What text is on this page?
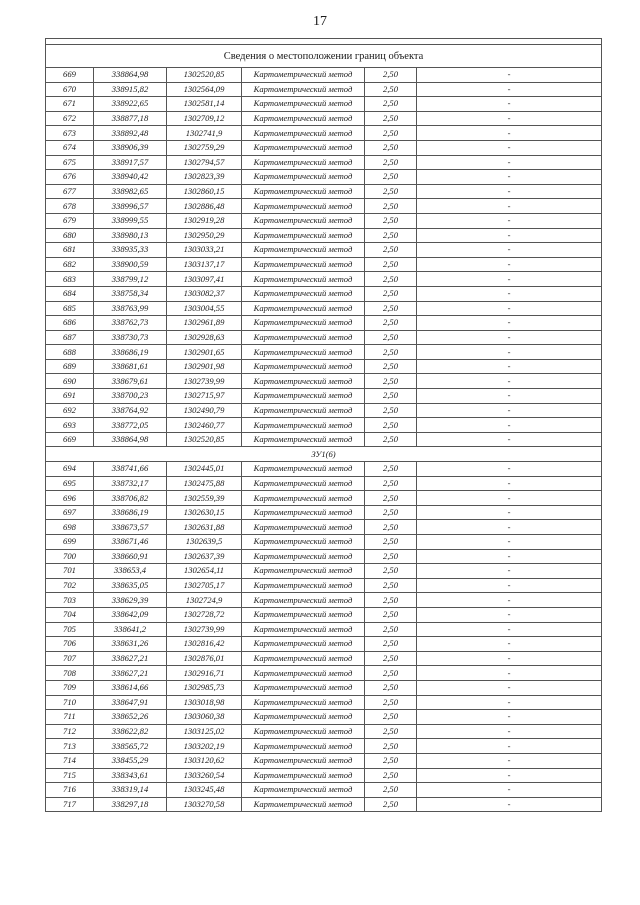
17

Сведения о местоположении границ объекта					
669	338864,98	1302520,85	Картометрический метод	2,50	-
670	338915,82	1302564,09	Картометрический метод	2,50	-
671	338922,65	1302581,14	Картометрический метод	2,50	-
672	338877,18	1302709,12	Картометрический метод	2,50	-
673	338892,48	1302741,9	Картометрический метод	2,50	-
674	338906,39	1302759,29	Картометрический метод	2,50	-
675	338917,57	1302794,57	Картометрический метод	2,50	-
676	338940,42	1302823,39	Картометрический метод	2,50	-
677	338982,65	1302860,15	Картометрический метод	2,50	-
678	338996,57	1302886,48	Картометрический метод	2,50	-
679	338999,55	1302919,28	Картометрический метод	2,50	-
680	338980,13	1302950,29	Картометрический метод	2,50	-
681	338935,33	1303033,21	Картометрический метод	2,50	-
682	338900,59	1303137,17	Картометрический метод	2,50	-
683	338799,12	1303097,41	Картометрический метод	2,50	-
684	338758,34	1303082,37	Картометрический метод	2,50	-
685	338763,99	1303004,55	Картометрический метод	2,50	-
686	338762,73	1302961,89	Картометрический метод	2,50	-
687	338730,73	1302928,63	Картометрический метод	2,50	-
688	338686,19	1302901,65	Картометрический метод	2,50	-
689	338681,61	1302901,98	Картометрический метод	2,50	-
690	338679,61	1302739,99	Картометрический метод	2,50	-
691	338700,23	1302715,97	Картометрический метод	2,50	-
692	338764,92	1302490,79	Картометрический метод	2,50	-
693	338772,05	1302460,77	Картометрический метод	2,50	-
669	338864,98	1302520,85	Картометрический метод	2,50	-
ЗУ1(6)					
694	338741,66	1302445,01	Картометрический метод	2,50	-
695	338732,17	1302475,88	Картометрический метод	2,50	-
696	338706,82	1302559,39	Картометрический метод	2,50	-
697	338686,19	1302630,15	Картометрический метод	2,50	-
698	338673,57	1302631,88	Картометрический метод	2,50	-
699	338671,46	1302639,5	Картометрический метод	2,50	-
700	338660,91	1302637,39	Картометрический метод	2,50	-
701	338653,4	1302654,11	Картометрический метод	2,50	-
702	338635,05	1302705,17	Картометрический метод	2,50	-
703	338629,39	1302724,9	Картометрический метод	2,50	-
704	338642,09	1302728,72	Картометрический метод	2,50	-
705	338641,2	1302739,99	Картометрический метод	2,50	-
706	338631,26	1302816,42	Картометрический метод	2,50	-
707	338627,21	1302876,01	Картометрический метод	2,50	-
708	338627,21	1302916,71	Картометрический метод	2,50	-
709	338614,66	1302985,73	Картометрический метод	2,50	-
710	338647,91	1303018,98	Картометрический метод	2,50	-
711	338652,26	1303060,38	Картометрический метод	2,50	-
712	338622,82	1303125,02	Картометрический метод	2,50	-
713	338565,72	1303202,19	Картометрический метод	2,50	-
714	338455,29	1303120,62	Картометрический метод	2,50	-
715	338343,61	1303260,54	Картометрический метод	2,50	-
716	338319,14	1303245,48	Картометрический метод	2,50	-
717	338297,18	1303270,58	Картометрический метод	2,50	-
